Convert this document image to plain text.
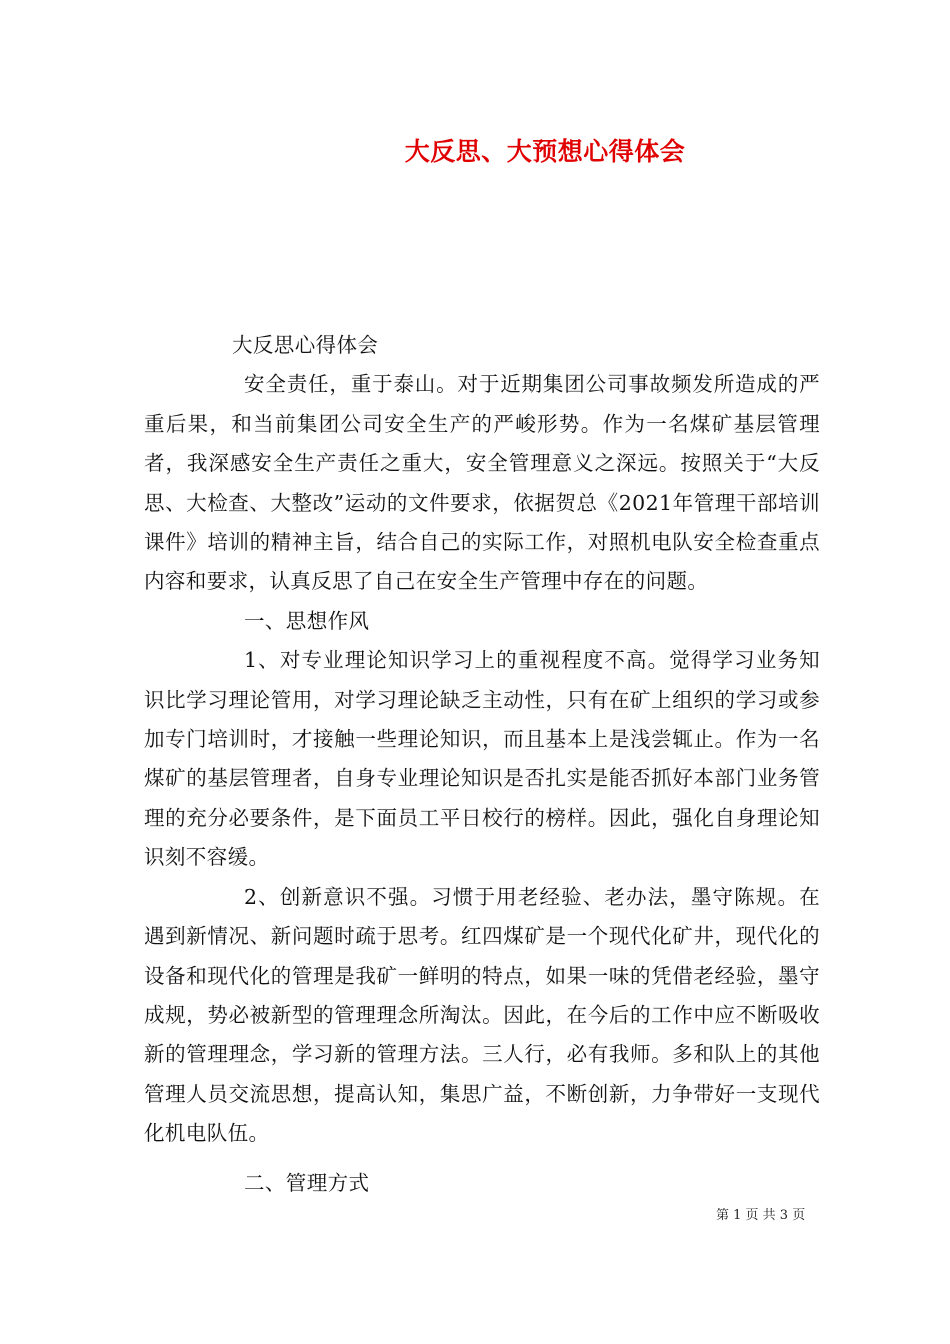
大反思、大预想心得体会

大反思心得体会

安全责任，重于泰山。对于近期集团公司事故频发所造成的严重后果，和当前集团公司安全生产的严峻形势。作为一名煤矿基层管理者，我深感安全生产责任之重大，安全管理意义之深远。按照关于“大反思、大检查、大整改”运动的文件要求，依据贺总《2021年管理干部培训课件》培训的精神主旨，结合自己的实际工作，对照机电队安全检查重点内容和要求，认真反思了自己在安全生产管理中存在的问题。

一、思想作风

1、对专业理论知识学习上的重视程度不高。觉得学习业务知识比学习理论管用，对学习理论缺乏主动性，只有在矿上组织的学习或参加专门培训时，才接触一些理论知识，而且基本上是浅尝辄止。作为一名煤矿的基层管理者，自身专业理论知识是否扎实是能否抓好本部门业务管理的充分必要条件，是下面员工平日校行的榜样。因此，强化自身理论知识刻不容缓。

2、创新意识不强。习惯于用老经验、老办法，墨守陈规。在遇到新情况、新问题时疏于思考。红四煤矿是一个现代化矿井，现代化的设备和现代化的管理是我矿一鲜明的特点，如果一味的凭借老经验，墨守成规，势必被新型的管理理念所淘汰。因此，在今后的工作中应不断吸收新的管理理念，学习新的管理方法。三人行，必有我师。多和队上的其他管理人员交流思想，提高认知，集思广益，不断创新，力争带好一支现代化机电队伍。

二、管理方式

第 1 页 共 3 页
